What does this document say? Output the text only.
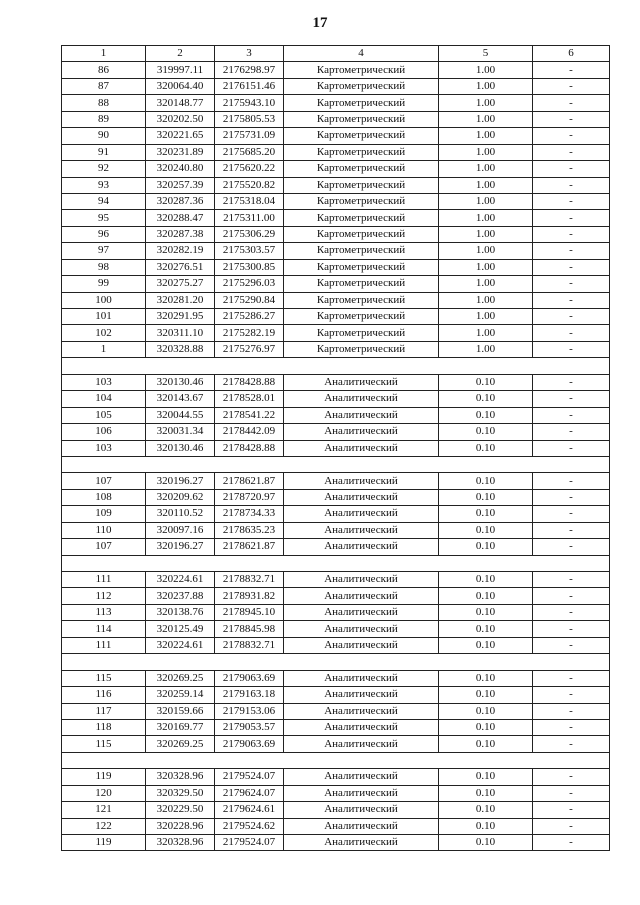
17
1	2	3	4	5	6
86	319997.11	2176298.97	Картометрический	1.00	-
87	320064.40	2176151.46	Картометрический	1.00	-
88	320148.77	2175943.10	Картометрический	1.00	-
89	320202.50	2175805.53	Картометрический	1.00	-
90	320221.65	2175731.09	Картометрический	1.00	-
91	320231.89	2175685.20	Картометрический	1.00	-
92	320240.80	2175620.22	Картометрический	1.00	-
93	320257.39	2175520.82	Картометрический	1.00	-
94	320287.36	2175318.04	Картометрический	1.00	-
95	320288.47	2175311.00	Картометрический	1.00	-
96	320287.38	2175306.29	Картометрический	1.00	-
97	320282.19	2175303.57	Картометрический	1.00	-
98	320276.51	2175300.85	Картометрический	1.00	-
99	320275.27	2175296.03	Картометрический	1.00	-
100	320281.20	2175290.84	Картометрический	1.00	-
101	320291.95	2175286.27	Картометрический	1.00	-
102	320311.10	2175282.19	Картометрический	1.00	-
1	320328.88	2175276.97	Картометрический	1.00	-

103	320130.46	2178428.88	Аналитический	0.10	-
104	320143.67	2178528.01	Аналитический	0.10	-
105	320044.55	2178541.22	Аналитический	0.10	-
106	320031.34	2178442.09	Аналитический	0.10	-
103	320130.46	2178428.88	Аналитический	0.10	-

107	320196.27	2178621.87	Аналитический	0.10	-
108	320209.62	2178720.97	Аналитический	0.10	-
109	320110.52	2178734.33	Аналитический	0.10	-
110	320097.16	2178635.23	Аналитический	0.10	-
107	320196.27	2178621.87	Аналитический	0.10	-

111	320224.61	2178832.71	Аналитический	0.10	-
112	320237.88	2178931.82	Аналитический	0.10	-
113	320138.76	2178945.10	Аналитический	0.10	-
114	320125.49	2178845.98	Аналитический	0.10	-
111	320224.61	2178832.71	Аналитический	0.10	-

115	320269.25	2179063.69	Аналитический	0.10	-
116	320259.14	2179163.18	Аналитический	0.10	-
117	320159.66	2179153.06	Аналитический	0.10	-
118	320169.77	2179053.57	Аналитический	0.10	-
115	320269.25	2179063.69	Аналитический	0.10	-

119	320328.96	2179524.07	Аналитический	0.10	-
120	320329.50	2179624.07	Аналитический	0.10	-
121	320229.50	2179624.61	Аналитический	0.10	-
122	320228.96	2179524.62	Аналитический	0.10	-
119	320328.96	2179524.07	Аналитический	0.10	-
